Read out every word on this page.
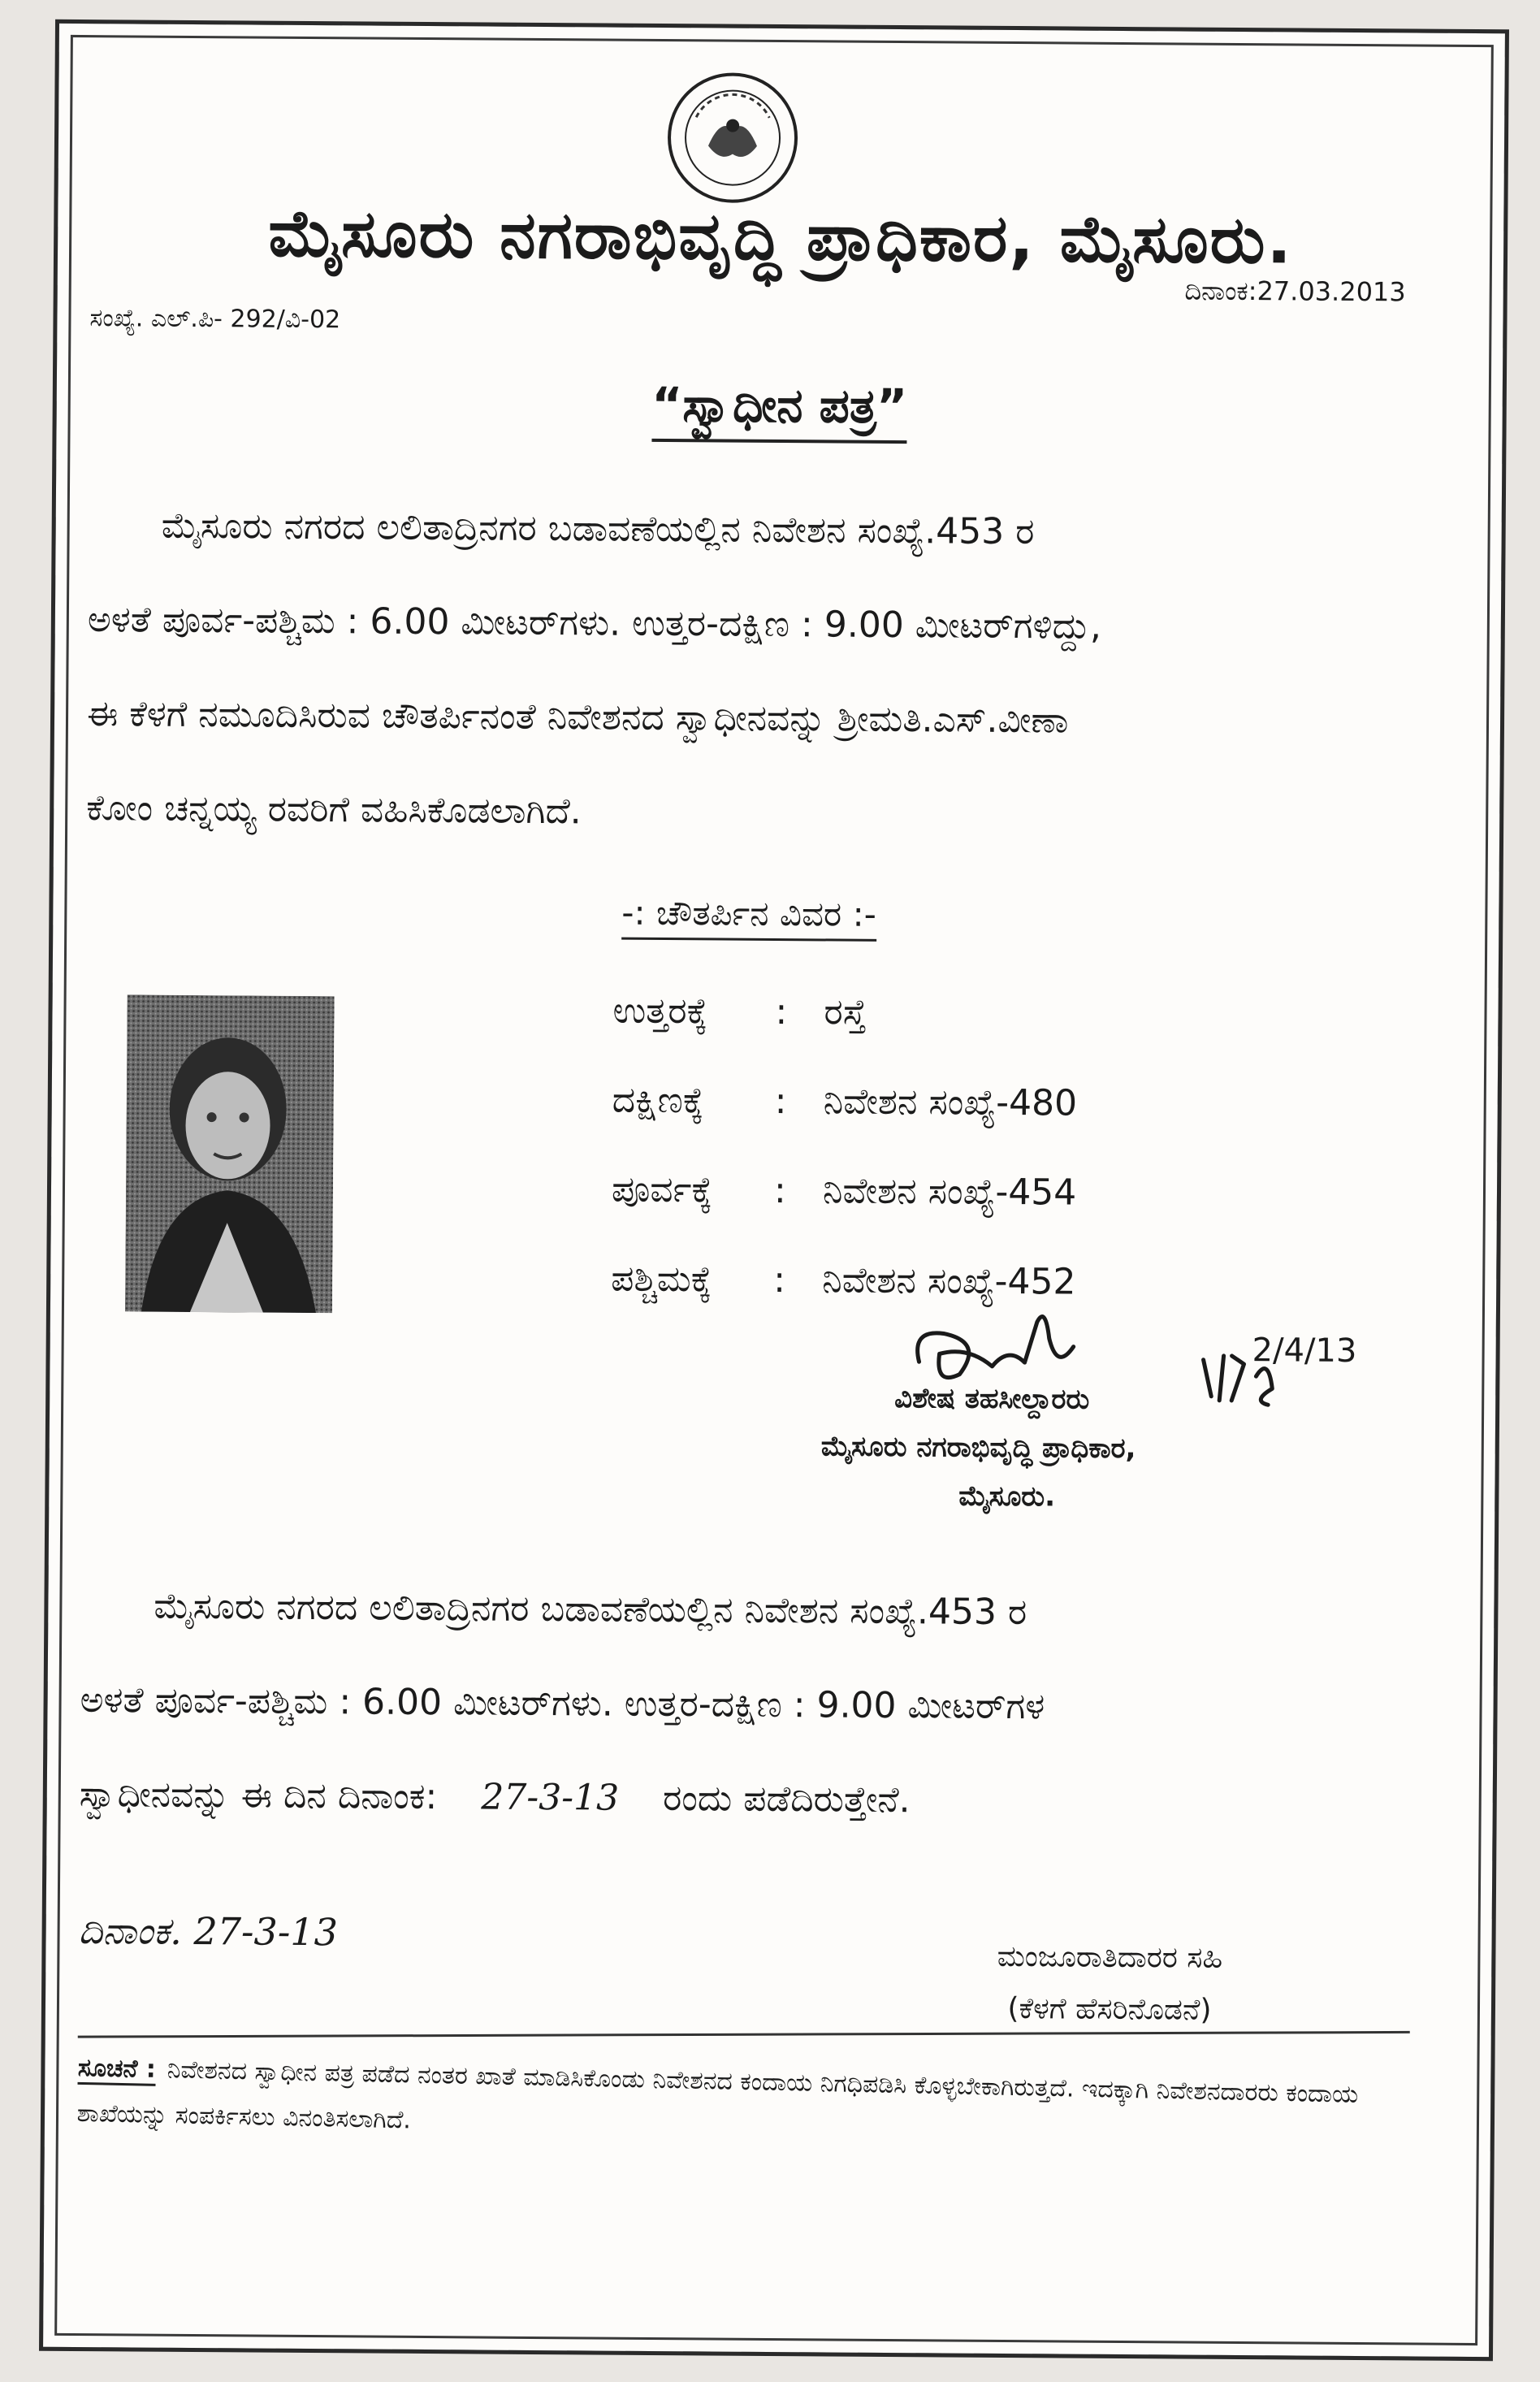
ಮೈಸೂರು ನಗರಾಭಿವೃದ್ಧಿ ಪ್ರಾಧಿಕಾರ, ಮೈಸೂರು.
ಸಂಖ್ಯೆ. ಎಲ್.ಪಿ- 292/ವಿ-02
ದಿನಾಂಕ:27.03.2013
“ಸ್ವಾಧೀನ ಪತ್ರ”
ಮೈಸೂರು ನಗರದ ಲಲಿತಾದ್ರಿನಗರ ಬಡಾವಣೆಯಲ್ಲಿನ ನಿವೇಶನ ಸಂಖ್ಯೆ.453 ರ
ಅಳತೆ ಪೂರ್ವ-ಪಶ್ಚಿಮ : 6.00 ಮೀಟರ್‌ಗಳು. ಉತ್ತರ-ದಕ್ಷಿಣ : 9.00 ಮೀಟರ್‌ಗಳಿದ್ದು,
ಈ ಕೆಳಗೆ ನಮೂದಿಸಿರುವ ಚೌತರ್ಪಿನಂತೆ ನಿವೇಶನದ ಸ್ವಾಧೀನವನ್ನು ಶ್ರೀಮತಿ.ಎಸ್.ವೀಣಾ
ಕೋಂ ಚನ್ನಯ್ಯ ರವರಿಗೆ ವಹಿಸಿಕೊಡಲಾಗಿದೆ.
-: ಚೌತರ್ಪಿನ ವಿವರ :-
ಉತ್ತರಕ್ಕೆ : ರಸ್ತೆ
ದಕ್ಷಿಣಕ್ಕೆ : ನಿವೇಶನ ಸಂಖ್ಯೆ-480
ಪೂರ್ವಕ್ಕೆ : ನಿವೇಶನ ಸಂಖ್ಯೆ-454
ಪಶ್ಚಿಮಕ್ಕೆ : ನಿವೇಶನ ಸಂಖ್ಯೆ-452
2/4/13
ವಿಶೇಷ ತಹಸೀಲ್ದಾರರು
ಮೈಸೂರು ನಗರಾಭಿವೃದ್ಧಿ ಪ್ರಾಧಿಕಾರ,
ಮೈಸೂರು.
ಮೈಸೂರು ನಗರದ ಲಲಿತಾದ್ರಿನಗರ ಬಡಾವಣೆಯಲ್ಲಿನ ನಿವೇಶನ ಸಂಖ್ಯೆ.453 ರ
ಅಳತೆ ಪೂರ್ವ-ಪಶ್ಚಿಮ : 6.00 ಮೀಟರ್‌ಗಳು. ಉತ್ತರ-ದಕ್ಷಿಣ : 9.00 ಮೀಟರ್‌ಗಳ
ಸ್ವಾಧೀನವನ್ನು ಈ ದಿನ ದಿನಾಂಕ: 27-3-13 ರಂದು ಪಡೆದಿರುತ್ತೇನೆ.
ದಿನಾಂಕ. 27-3-13
ಮಂಜೂರಾತಿದಾರರ ಸಹಿ
(ಕೆಳಗೆ ಹೆಸರಿನೊಡನೆ)
ಸೂಚನೆ : ನಿವೇಶನದ ಸ್ವಾಧೀನ ಪತ್ರ ಪಡೆದ ನಂತರ ಖಾತೆ ಮಾಡಿಸಿಕೊಂಡು ನಿವೇಶನದ ಕಂದಾಯ ನಿಗಧಿಪಡಿಸಿ ಕೊಳ್ಳಬೇಕಾಗಿರುತ್ತದೆ. ಇದಕ್ಕಾಗಿ ನಿವೇಶನದಾರರು ಕಂದಾಯ ಶಾಖೆಯನ್ನು ಸಂಪರ್ಕಿಸಲು ವಿನಂತಿಸಲಾಗಿದೆ.
